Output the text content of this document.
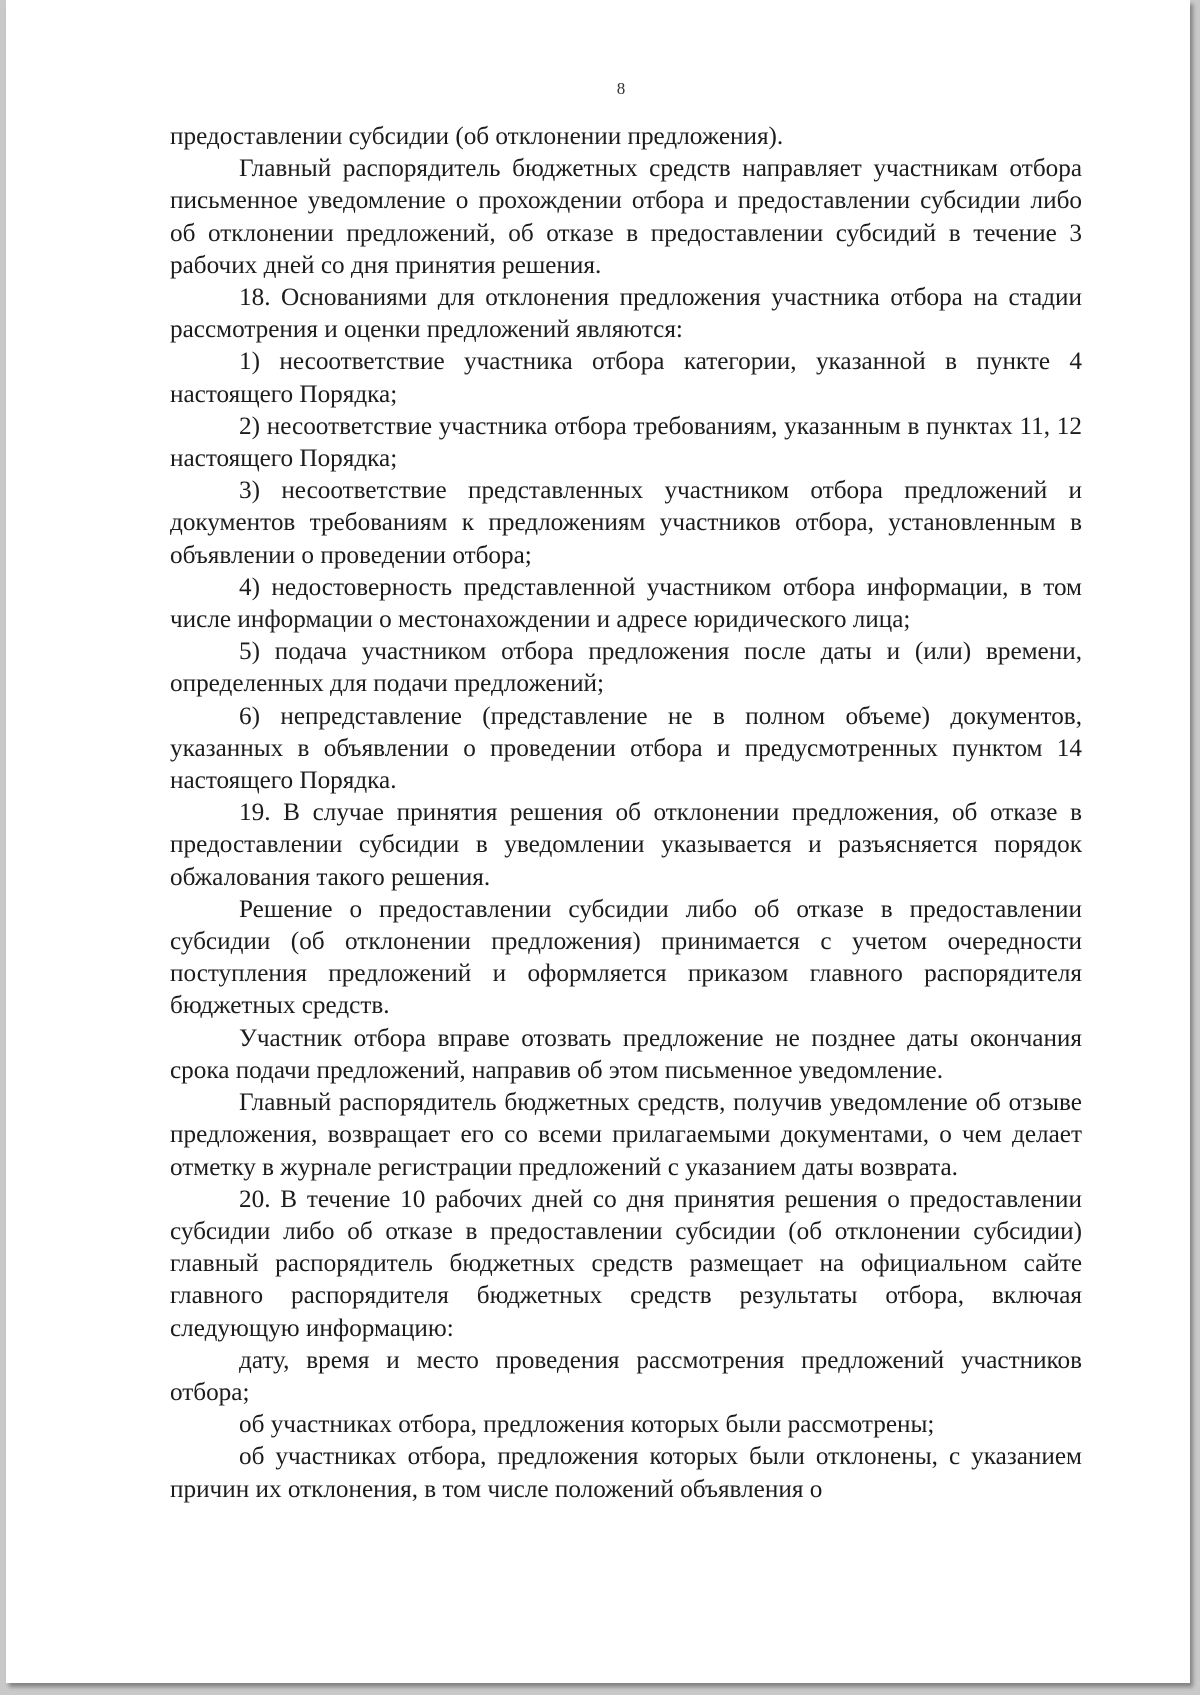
8

предоставлении субсидии (об отклонении предложения).

Главный распорядитель бюджетных средств направляет участникам отбора письменное уведомление о прохождении отбора и предоставлении субсидии либо об отклонении предложений, об отказе в предоставлении субсидий в течение 3 рабочих дней со дня принятия решения.

18. Основаниями для отклонения предложения участника отбора на стадии рассмотрения и оценки предложений являются:

1) несоответствие участника отбора категории, указанной в пункте 4 настоящего Порядка;

2) несоответствие участника отбора требованиям, указанным в пунктах 11, 12 настоящего Порядка;

3) несоответствие представленных участником отбора предложений и документов требованиям к предложениям участников отбора, установленным в объявлении о проведении отбора;

4) недостоверность представленной участником отбора информации, в том числе информации о местонахождении и адресе юридического лица;

5) подача участником отбора предложения после даты и (или) времени, определенных для подачи предложений;

6) непредставление (представление не в полном объеме) документов, указанных в объявлении о проведении отбора и предусмотренных пунктом 14 настоящего Порядка.

19. В случае принятия решения об отклонении предложения, об отказе в предоставлении субсидии в уведомлении указывается и разъясняется порядок обжалования такого решения.

Решение о предоставлении субсидии либо об отказе в предоставлении субсидии (об отклонении предложения) принимается с учетом очередности поступления предложений и оформляется приказом главного распорядителя бюджетных средств.

Участник отбора вправе отозвать предложение не позднее даты окончания срока подачи предложений, направив об этом письменное уведомление.

Главный распорядитель бюджетных средств, получив уведомление об отзыве предложения, возвращает его со всеми прилагаемыми документами, о чем делает отметку в журнале регистрации предложений с указанием даты возврата.

20. В течение 10 рабочих дней со дня принятия решения о предоставлении субсидии либо об отказе в предоставлении субсидии (об отклонении субсидии) главный распорядитель бюджетных средств размещает на официальном сайте главного распорядителя бюджетных средств результаты отбора, включая следующую информацию:

дату, время и место проведения рассмотрения предложений участников отбора;

об участниках отбора, предложения которых были рассмотрены;

об участниках отбора, предложения которых были отклонены, с указанием причин их отклонения, в том числе положений объявления о
